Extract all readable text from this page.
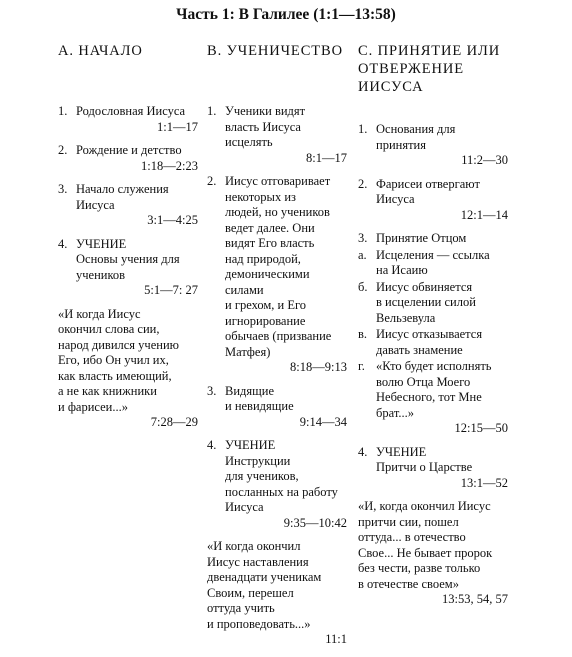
Часть 1: В Галилее (1:1—13:58)
А. НАЧАЛО
1. Родословная Иисуса
1:1—17
2. Рождение и детство
1:18—2:23
3. Начало служения
Иисуса
3:1—4:25
4. УЧЕНИЕ
Основы учения для
учеников
5:1—7: 27
«И когда Иисус
окончил слова сии,
народ дивился учению
Его, ибо Он учил их,
как власть имеющий,
а не как книжники
и фарисеи...»
7:28—29
В. УЧЕНИЧЕСТВО
1. Ученики видят
власть Иисуса
исцелять
8:1—17
2. Иисус отговаривает
некоторых из
людей, но учеников
ведет далее. Они
видят Его власть
над природой,
демоническими
силами
и грехом, и Его
игнорирование
обычаев (призвание
Матфея)
8:18—9:13
3. Видящие
и невидящие
9:14—34
4. УЧЕНИЕ
Инструкции
для учеников,
посланных на работу
Иисуса
9:35—10:42
«И когда окончил
Иисус наставления
двенадцати ученикам
Своим, перешел
оттуда учить
и проповедовать...»
11:1
С. ПРИНЯТИЕ ИЛИ
ОТВЕРЖЕНИЕ
ИИСУСА
1. Основания для
принятия
11:2—30
2. Фарисеи отвергают
Иисуса
12:1—14
3. Принятие Отцом
а. Исцеления — ссылка
на Исаию
б. Иисус обвиняется
в исцелении силой
Вельзевула
в. Иисус отказывается
давать знамение
г. «Кто будет исполнять
волю Отца Моего
Небесного, тот Мне
брат...»
12:15—50
4. УЧЕНИЕ
Притчи о Царстве
13:1—52
«И, когда окончил Иисус
притчи сии, пошел
оттуда... в отечество
Свое... Не бывает пророк
без чести, разве только
в отечестве своем»
13:53, 54, 57
